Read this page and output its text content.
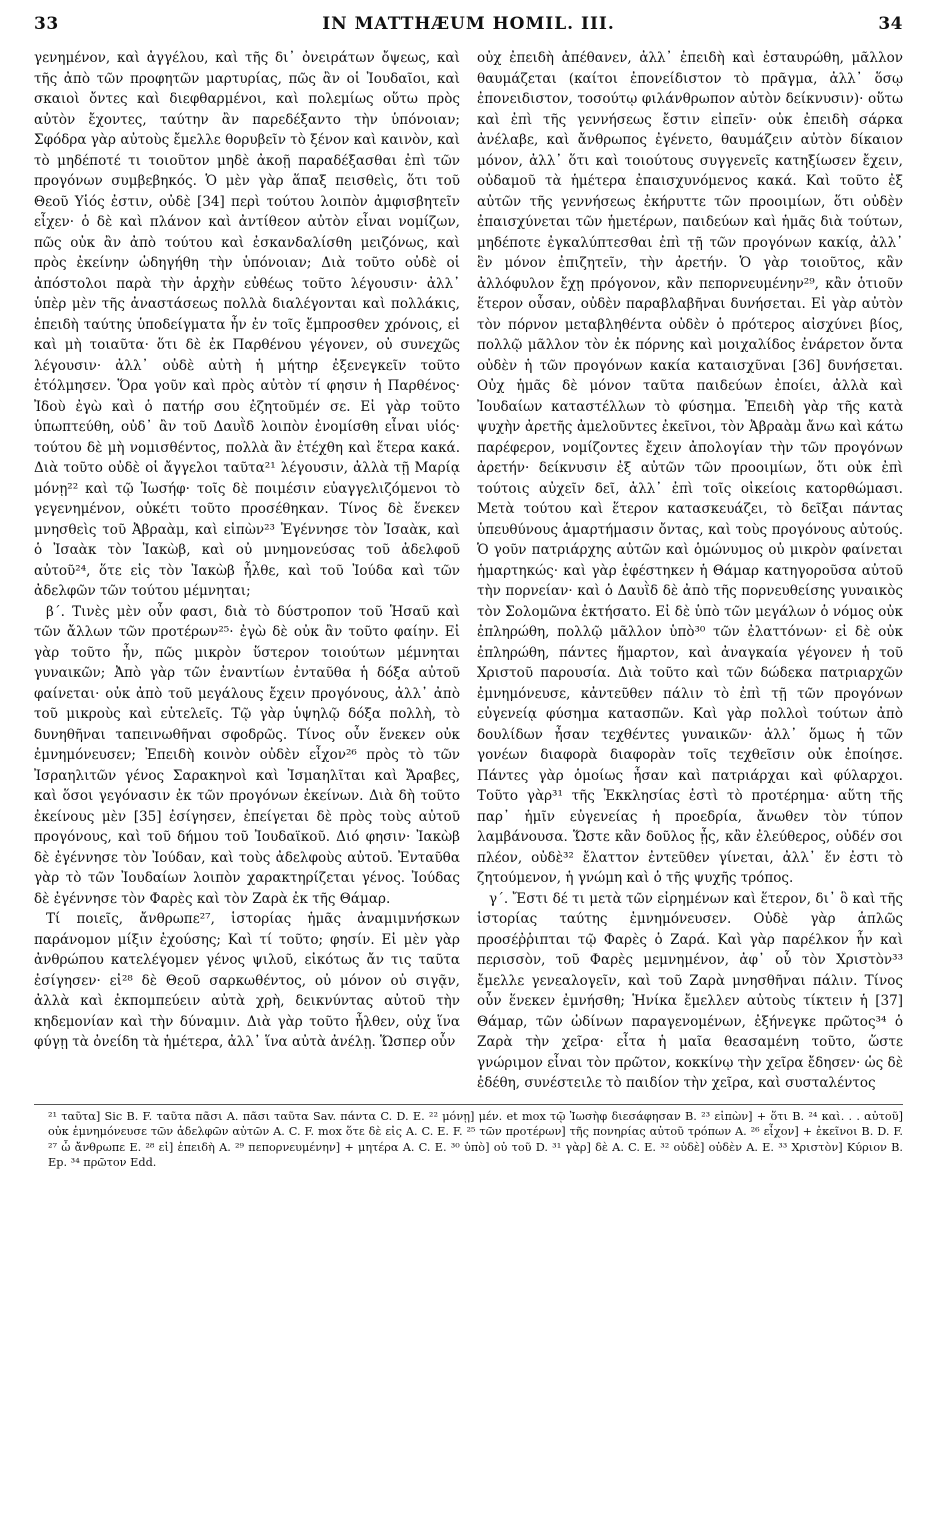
33	IN MATTHÆUM HOMIL. III.	34

γενημένον, καὶ ἀγγέλου, καὶ τῆς δι᾽ ὀνειράτων ὄψεως, καὶ τῆς ἀπὸ τῶν προφητῶν μαρτυρίας, πῶς ἂν οἱ Ἰουδαῖοι, καὶ σκαιοὶ ὄντες καὶ διεφθαρμένοι, καὶ πολεμίως οὕτω πρὸς αὐτὸν ἔχοντες, ταύτην ἂν παρεδέξαντο τὴν ὑπόνοιαν; Σφόδρα γὰρ αὐτοὺς ἔμελλε θορυβεῖν τὸ ξένον καὶ καινὸν, καὶ τὸ μηδέποτέ τι τοιοῦτον μηδὲ ἀκοῇ παραδέξασθαι ἐπὶ τῶν προγόνων συμβεβηκός. Ὁ μὲν γὰρ ἅπαξ πεισθεὶς, ὅτι τοῦ Θεοῦ Υἱός ἐστιν, οὐδὲ [34] περὶ τούτου λοιπὸν ἀμφισβητεῖν εἶχεν· ὁ δὲ καὶ πλάνον καὶ ἀντίθεον αὐτὸν εἶναι νομίζων, πῶς οὐκ ἂν ἀπὸ τούτου καὶ ἐσκανδαλίσθη μειζόνως, καὶ πρὸς ἐκείνην ὡδηγήθη τὴν ὑπόνοιαν; Διὰ τοῦτο οὐδὲ οἱ ἀπόστολοι παρὰ τὴν ἀρχὴν εὐθέως τοῦτο λέγουσιν· ἀλλ᾽ ὑπὲρ μὲν τῆς ἀναστάσεως πολλὰ διαλέγονται καὶ πολλάκις, ἐπειδὴ ταύτης ὑποδείγματα ἦν ἐν τοῖς ἔμπροσθεν χρόνοις, εἰ καὶ μὴ τοιαῦτα· ὅτι δὲ ἐκ Παρθένου γέγονεν, οὐ συνεχῶς λέγουσιν· ἀλλ᾽ οὐδὲ αὐτὴ ἡ μήτηρ ἐξενεγκεῖν τοῦτο ἐτόλμησεν. Ὅρα γοῦν καὶ πρὸς αὐτὸν τί φησιν ἡ Παρθένος· Ἰδοὺ ἐγὼ καὶ ὁ πατήρ σου ἐζητοῦμέν σε. Εἰ γὰρ τοῦτο ὑπωπτεύθη, οὐδ᾽ ἂν τοῦ Δαυῒδ λοιπὸν ἐνομίσθη εἶναι υἱός· τούτου δὲ μὴ νομισθέντος, πολλὰ ἂν ἐτέχθη καὶ ἕτερα κακά. Διὰ τοῦτο οὐδὲ οἱ ἄγγελοι ταῦτα²¹ λέγουσιν, ἀλλὰ τῇ Μαρίᾳ μόνῃ²² καὶ τῷ Ἰωσήφ· τοῖς δὲ ποιμέσιν εὐαγγελιζόμενοι τὸ γεγενημένον, οὐκέτι τοῦτο προσέθηκαν. Τίνος δὲ ἕνεκεν μνησθεὶς τοῦ Ἀβραὰμ, καὶ εἰπὼν²³ Ἐγέννησε τὸν Ἰσαὰκ, καὶ ὁ Ἰσαὰκ τὸν Ἰακὼβ, καὶ οὐ μνημονεύσας τοῦ ἀδελφοῦ αὐτοῦ²⁴, ὅτε εἰς τὸν Ἰακὼβ ἦλθε, καὶ τοῦ Ἰούδα καὶ τῶν ἀδελφῶν τῶν τούτου μέμνηται;

β´. Τινὲς μὲν οὖν φασι, διὰ τὸ δύστροπον τοῦ Ἡσαῦ καὶ τῶν ἄλλων τῶν προτέρων²⁵· ἐγὼ δὲ οὐκ ἂν τοῦτο φαίην. Εἰ γὰρ τοῦτο ἦν, πῶς μικρὸν ὕστερον τοιούτων μέμνηται γυναικῶν; Ἀπὸ γὰρ τῶν ἐναντίων ἐνταῦθα ἡ δόξα αὐτοῦ φαίνεται· οὐκ ἀπὸ τοῦ μεγάλους ἔχειν προγόνους, ἀλλ᾽ ἀπὸ τοῦ μικροὺς καὶ εὐτελεῖς. Τῷ γὰρ ὑψηλῷ δόξα πολλὴ, τὸ δυνηθῆναι ταπεινωθῆναι σφοδρῶς. Τίνος οὖν ἕνεκεν οὐκ ἐμνημόνευσεν; Ἐπειδὴ κοινὸν οὐδὲν εἶχον²⁶ πρὸς τὸ τῶν Ἰσραηλιτῶν γένος Σαρακηνοὶ καὶ Ἰσμαηλῖται καὶ Ἄραβες, καὶ ὅσοι γεγόνασιν ἐκ τῶν προγόνων ἐκείνων. Διὰ δὴ τοῦτο ἐκείνους μὲν [35] ἐσίγησεν, ἐπείγεται δὲ πρὸς τοὺς αὐτοῦ προγόνους, καὶ τοῦ δήμου τοῦ Ἰουδαϊκοῦ. Διό φησιν· Ἰακὼβ δὲ ἐγέννησε τὸν Ἰούδαν, καὶ τοὺς ἀδελφοὺς αὐτοῦ. Ἐνταῦθα γὰρ τὸ τῶν Ἰουδαίων λοιπὸν χαρακτηρίζεται γένος. Ἰούδας δὲ ἐγέννησε τὸν Φαρὲς καὶ τὸν Ζαρὰ ἐκ τῆς Θάμαρ.

Τί ποιεῖς, ἄνθρωπε²⁷, ἱστορίας ἡμᾶς ἀναμιμνήσκων παράνομον μίξιν ἐχούσης; Καὶ τί τοῦτο; φησίν. Εἰ μὲν γὰρ ἀνθρώπου κατελέγομεν γένος ψιλοῦ, εἰκότως ἄν τις ταῦτα ἐσίγησεν· εἰ²⁸ δὲ Θεοῦ σαρκωθέντος, οὐ μόνον οὐ σιγᾷν, ἀλλὰ καὶ ἐκπομπεύειν αὐτὰ χρὴ, δεικνύντας αὐτοῦ τὴν κηδεμονίαν καὶ τὴν δύναμιν. Διὰ γὰρ τοῦτο ἦλθεν, οὐχ ἵνα φύγῃ τὰ ὀνείδη τὰ ἡμέτερα, ἀλλ᾽ ἵνα αὐτὰ ἀνέλῃ. Ὥσπερ οὖν

οὐχ ἐπειδὴ ἀπέθανεν, ἀλλ᾽ ἐπειδὴ καὶ ἐσταυρώθη, μᾶλλον θαυμάζεται (καίτοι ἐπονείδιστον τὸ πρᾶγμα, ἀλλ᾽ ὅσῳ ἐπονειδιστον, τοσούτῳ φιλάνθρωπον αὐτὸν δείκνυσιν)· οὕτω καὶ ἐπὶ τῆς γεννήσεως ἔστιν εἰπεῖν· οὐκ ἐπειδὴ σάρκα ἀνέλαβε, καὶ ἄνθρωπος ἐγένετο, θαυμάζειν αὐτὸν δίκαιον μόνον, ἀλλ᾽ ὅτι καὶ τοιούτους συγγενεῖς κατηξίωσεν ἔχειν, οὐδαμοῦ τὰ ἡμέτερα ἐπαισχυνόμενος κακά. Καὶ τοῦτο ἐξ αὐτῶν τῆς γεννήσεως ἐκήρυττε τῶν προοιμίων, ὅτι οὐδὲν ἐπαισχύνεται τῶν ἡμετέρων, παιδεύων καὶ ἡμᾶς διὰ τούτων, μηδέποτε ἐγκαλύπτεσθαι ἐπὶ τῇ τῶν προγόνων κακίᾳ, ἀλλ᾽ ἓν μόνον ἐπιζητεῖν, τὴν ἀρετήν. Ὁ γὰρ τοιοῦτος, κἂν ἀλλόφυλον ἔχῃ πρόγονον, κἂν πεπορνευμένην²⁹, κἂν ὁτιοῦν ἕτερον οὖσαν, οὐδὲν παραβλαβῆναι δυνήσεται. Εἰ γὰρ αὐτὸν τὸν πόρνον μεταβληθέντα οὐδὲν ὁ πρότερος αἰσχύνει βίος, πολλῷ μᾶλλον τὸν ἐκ πόρνης καὶ μοιχαλίδος ἐνάρετον ὄντα οὐδὲν ἡ τῶν προγόνων κακία καταισχῦναι [36] δυνήσεται. Οὐχ ἡμᾶς δὲ μόνον ταῦτα παιδεύων ἐποίει, ἀλλὰ καὶ Ἰουδαίων καταστέλλων τὸ φύσημα. Ἐπειδὴ γὰρ τῆς κατὰ ψυχὴν ἀρετῆς ἀμελοῦντες ἐκεῖνοι, τὸν Ἀβραὰμ ἄνω καὶ κάτω παρέφερον, νομίζοντες ἔχειν ἀπολογίαν τὴν τῶν προγόνων ἀρετήν· δείκνυσιν ἐξ αὐτῶν τῶν προοιμίων, ὅτι οὐκ ἐπὶ τούτοις αὐχεῖν δεῖ, ἀλλ᾽ ἐπὶ τοῖς οἰκείοις κατορθώμασι. Μετὰ τούτου καὶ ἕτερον κατασκευάζει, τὸ δεῖξαι πάντας ὑπευθύνους ἁμαρτήμασιν ὄντας, καὶ τοὺς προγόνους αὐτούς. Ὁ γοῦν πατριάρχης αὐτῶν καὶ ὁμώνυμος οὐ μικρὸν φαίνεται ἡμαρτηκώς· καὶ γὰρ ἐφέστηκεν ἡ Θάμαρ κατηγοροῦσα αὐτοῦ τὴν πορνείαν· καὶ ὁ Δαυῒδ δὲ ἀπὸ τῆς πορνευθείσης γυναικὸς τὸν Σολομῶνα ἐκτήσατο. Εἰ δὲ ὑπὸ τῶν μεγάλων ὁ νόμος οὐκ ἐπληρώθη, πολλῷ μᾶλλον ὑπὸ³⁰ τῶν ἐλαττόνων· εἰ δὲ οὐκ ἐπληρώθη, πάντες ἥμαρτον, καὶ ἀναγκαία γέγονεν ἡ τοῦ Χριστοῦ παρουσία. Διὰ τοῦτο καὶ τῶν δώδεκα πατριαρχῶν ἐμνημόνευσε, κἀντεῦθεν πάλιν τὸ ἐπὶ τῇ τῶν προγόνων εὐγενείᾳ φύσημα κατασπῶν. Καὶ γὰρ πολλοὶ τούτων ἀπὸ δουλίδων ἦσαν τεχθέντες γυναικῶν· ἀλλ᾽ ὅμως ἡ τῶν γονέων διαφορὰ διαφορὰν τοῖς τεχθεῖσιν οὐκ ἐποίησε. Πάντες γὰρ ὁμοίως ἦσαν καὶ πατριάρχαι καὶ φύλαρχοι. Τοῦτο γὰρ³¹ τῆς Ἐκκλησίας ἐστὶ τὸ προτέρημα· αὕτη τῆς παρ᾽ ἡμῖν εὐγενείας ἡ προεδρία, ἄνωθεν τὸν τύπον λαμβάνουσα. Ὥστε κἂν δοῦλος ᾖς, κἂν ἐλεύθερος, οὐδέν σοι πλέον, οὐδὲ³² ἔλαττον ἐντεῦθεν γίνεται, ἀλλ᾽ ἕν ἐστι τὸ ζητούμενον, ἡ γνώμη καὶ ὁ τῆς ψυχῆς τρόπος.

γ´. Ἔστι δέ τι μετὰ τῶν εἰρημένων καὶ ἕτερον, δι᾽ ὃ καὶ τῆς ἱστορίας ταύτης ἐμνημόνευσεν. Οὐδὲ γὰρ ἁπλῶς προσέῤῥιπται τῷ Φαρὲς ὁ Ζαρά. Καὶ γὰρ παρέλκον ἦν καὶ περισσὸν, τοῦ Φαρὲς μεμνημένον, ἀφ᾽ οὗ τὸν Χριστὸν³³ ἔμελλε γενεαλογεῖν, καὶ τοῦ Ζαρὰ μνησθῆναι πάλιν. Τίνος οὖν ἕνεκεν ἐμνήσθη; Ἡνίκα ἔμελλεν αὐτοὺς τίκτειν ἡ [37] Θάμαρ, τῶν ὠδίνων παραγενομένων, ἐξήνεγκε πρῶτος³⁴ ὁ Ζαρὰ τὴν χεῖρα· εἶτα ἡ μαῖα θεασαμένη τοῦτο, ὥστε γνώριμον εἶναι τὸν πρῶτον, κοκκίνῳ τὴν χεῖρα ἔδησεν· ὡς δὲ ἐδέθη, συνέστειλε τὸ παιδίον τὴν χεῖρα, καὶ συσταλέντος

²¹ ταῦτα] Sic B. F. ταῦτα πᾶσι A. πᾶσι ταῦτα Sav. πάντα C. D. E. ²² μόνῃ] μέν. et mox τῷ Ἰωσὴφ διεσάφησαν B. ²³ εἰπὼν] + ὅτι B. ²⁴ καὶ. . . αὐτοῦ] οὐκ ἐμνημόνευσε τῶν ἀδελφῶν αὐτῶν A. C. F. mox ὅτε δὲ εἰς A. C. E. F. ²⁵ τῶν προτέρων] τῆς πονηρίας αὐτοῦ τρόπων A. ²⁶ εἶχον] + ἐκεῖνοι B. D. F. ²⁷ ὦ ἄνθρωπε E. ²⁸ εἰ] ἐπειδὴ A. ²⁹ πεπορνευμένην] + μητέρα A. C. E. ³⁰ ὑπὸ] οὐ τοῦ D. ³¹ γὰρ] δὲ A. C. E. ³² οὐδὲ] οὐδὲν A. E. ³³ Χριστὸν] Κύριον B. Ep. ³⁴ πρῶτον Edd.
